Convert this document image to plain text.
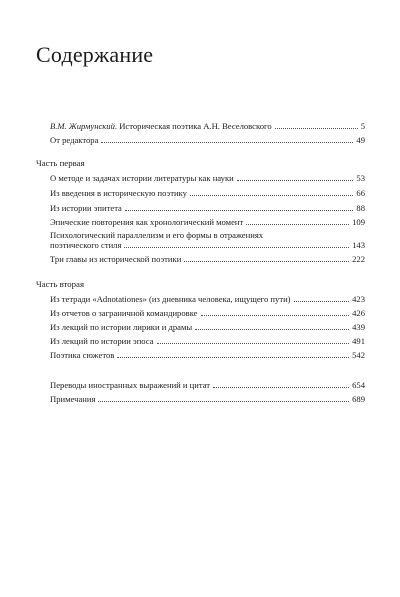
Содержание
В.М. Жирмунский. Историческая поэтика А.Н. Веселовского	5
От редактора	49
Часть первая
О методе и задачах истории литературы как науки	53
Из введения в историческую поэтику	66
Из истории эпитета	88
Эпические повторения как хронологический момент	109
Психологический параллелизм и его формы в отражениях
поэтического стиля	143
Три главы из исторической поэтики	222
Часть вторая
Из тетради «Adnotationes» (из дневника человека, ищущего пути)	423
Из отчетов о заграничной командировке	426
Из лекций по истории лирики и драмы	439
Из лекций по истории эпоса	491
Поэтика сюжетов	542
Переводы иностранных выражений и цитат	654
Примечания	689
